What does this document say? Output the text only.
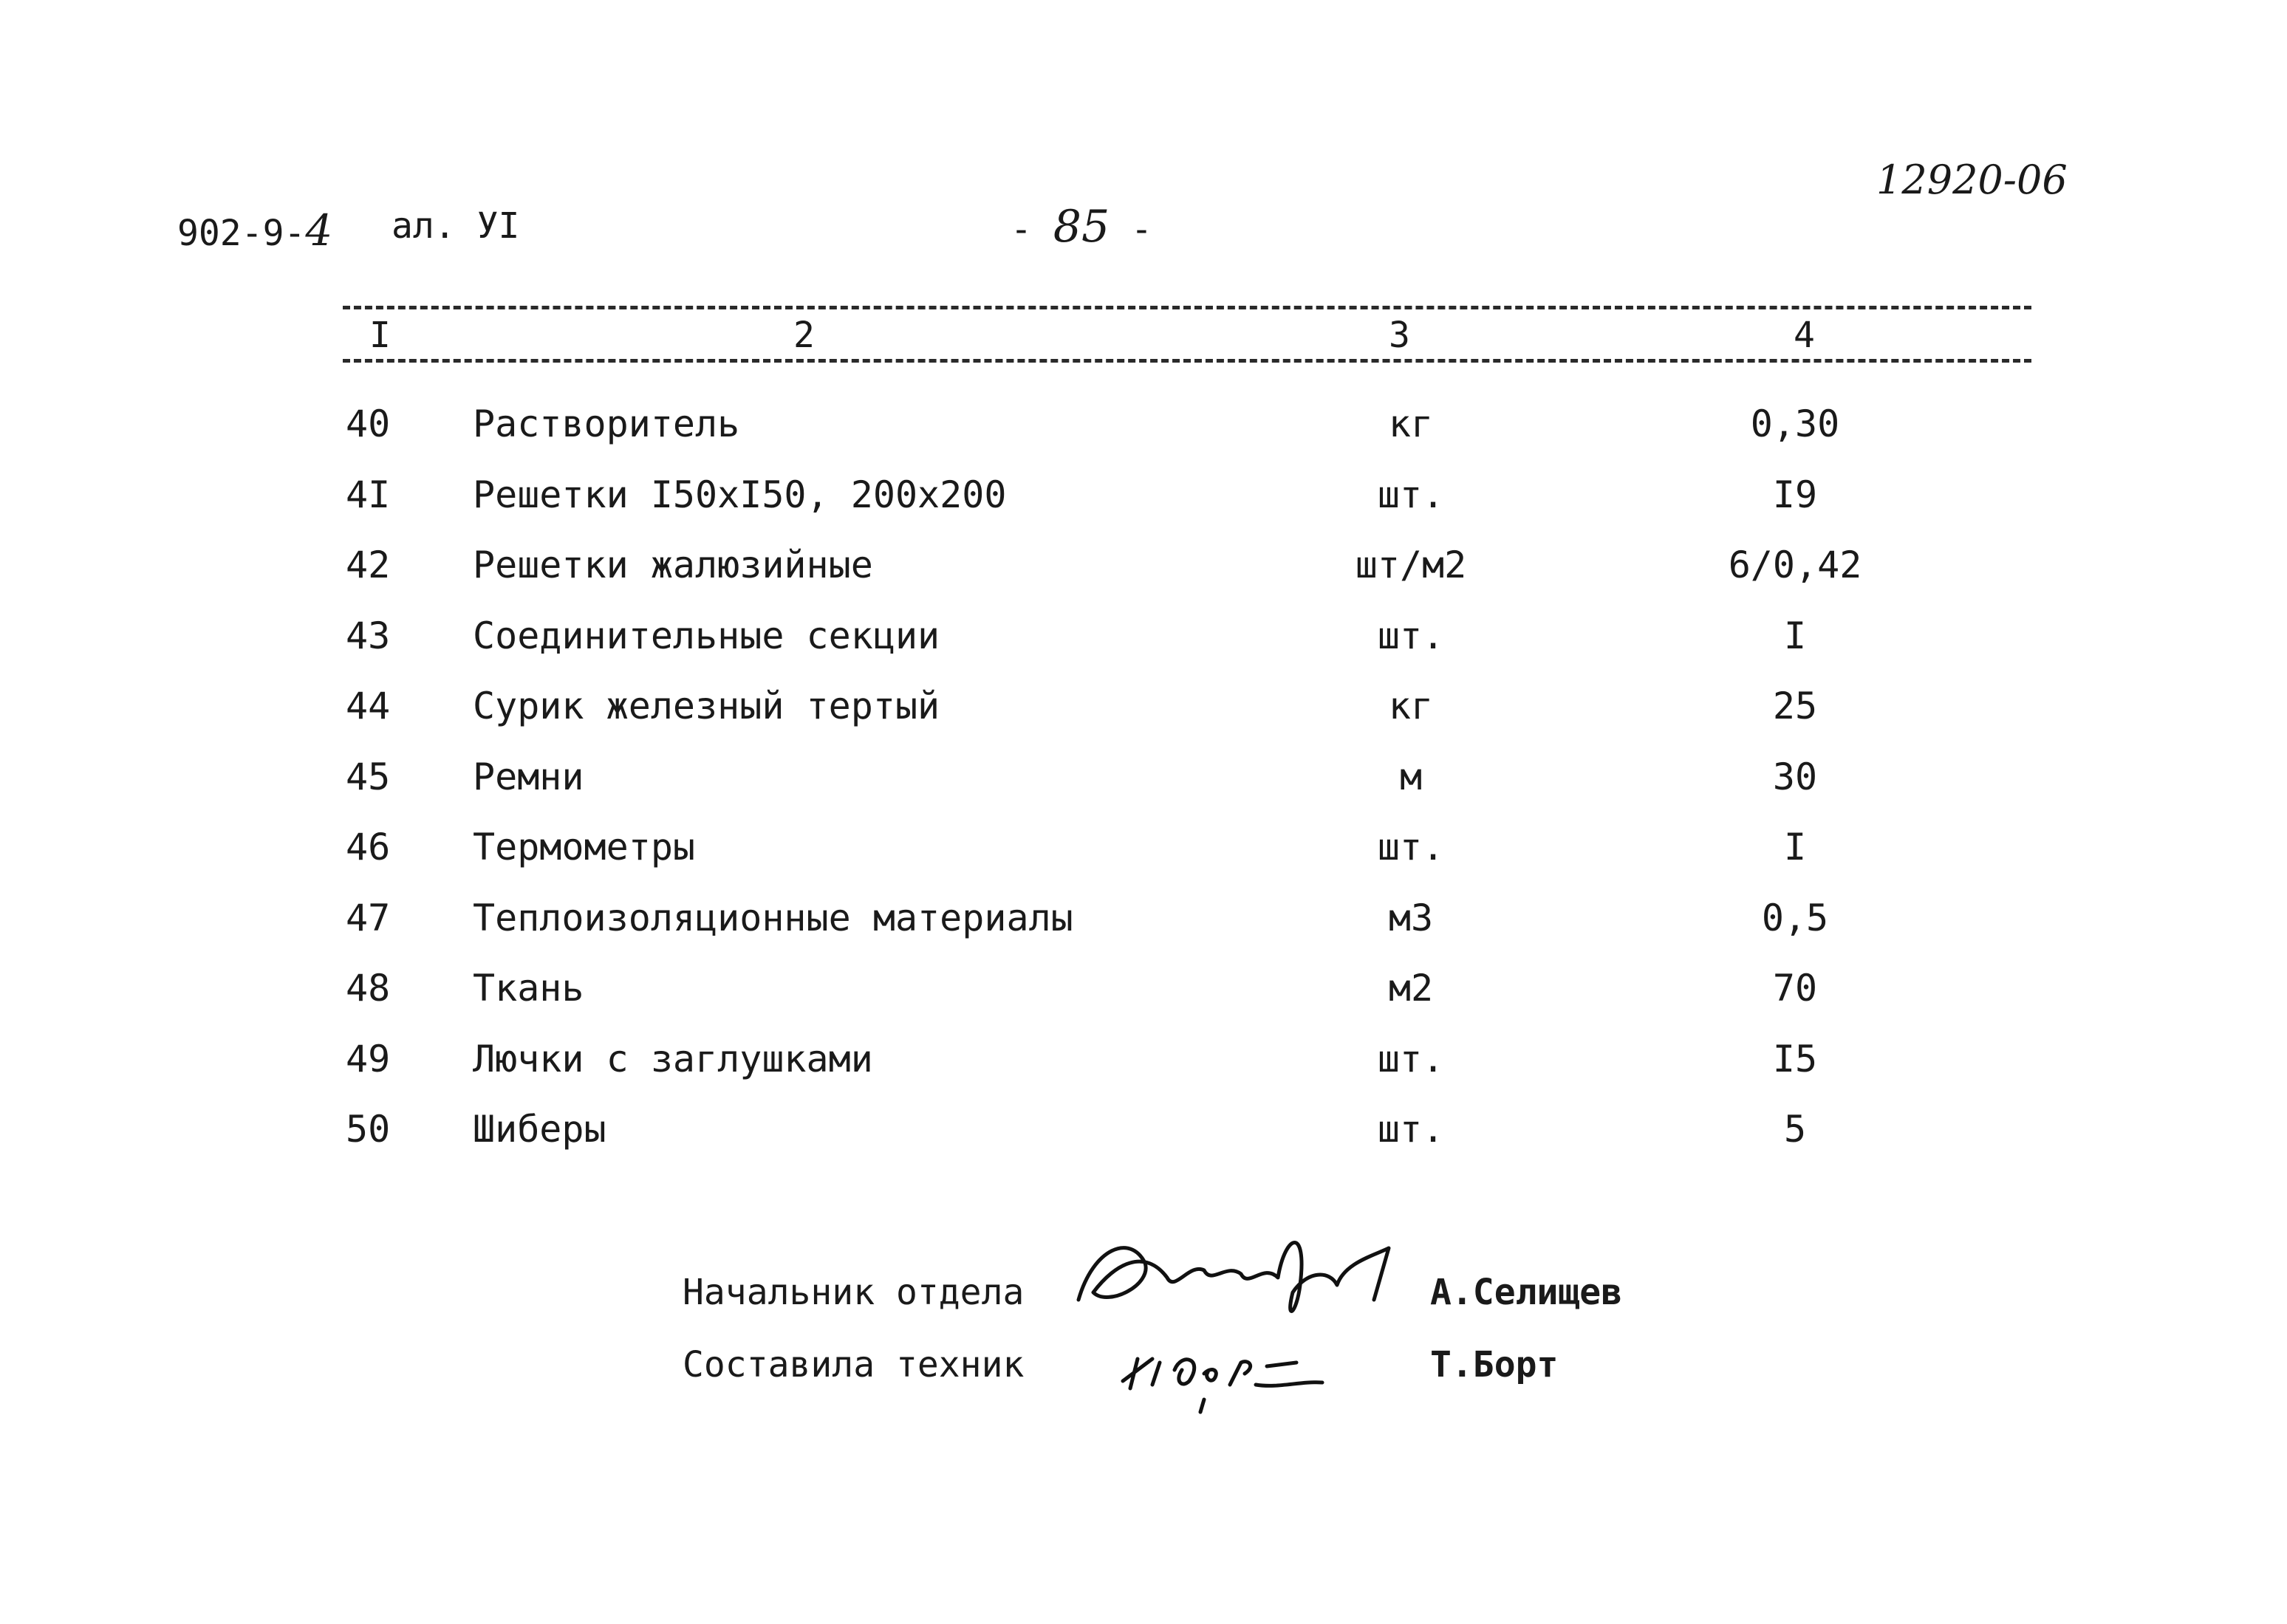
902-9-4 ал. УI	- 85 -
12920-06
I	2	3	4
40 Растворитель	кг	0,30
4I Решетки I50xI50, 200x200	шт.	I9
42 Решетки жалюзийные	шт/м2	6/0,42
43 Соединительные секции	шт.	I
44 Сурик железный тертый	кг	25
45 Ремни	м	30
46 Термометры	шт.	I
47 Теплоизоляционные материалы	м3	0,5
48 Ткань	м2	70
49 Лючки с заглушками	шт.	I5
50 Шиберы	шт.	5
Начальник отдела	А.Селищев
Составила техник	Т.Борт
